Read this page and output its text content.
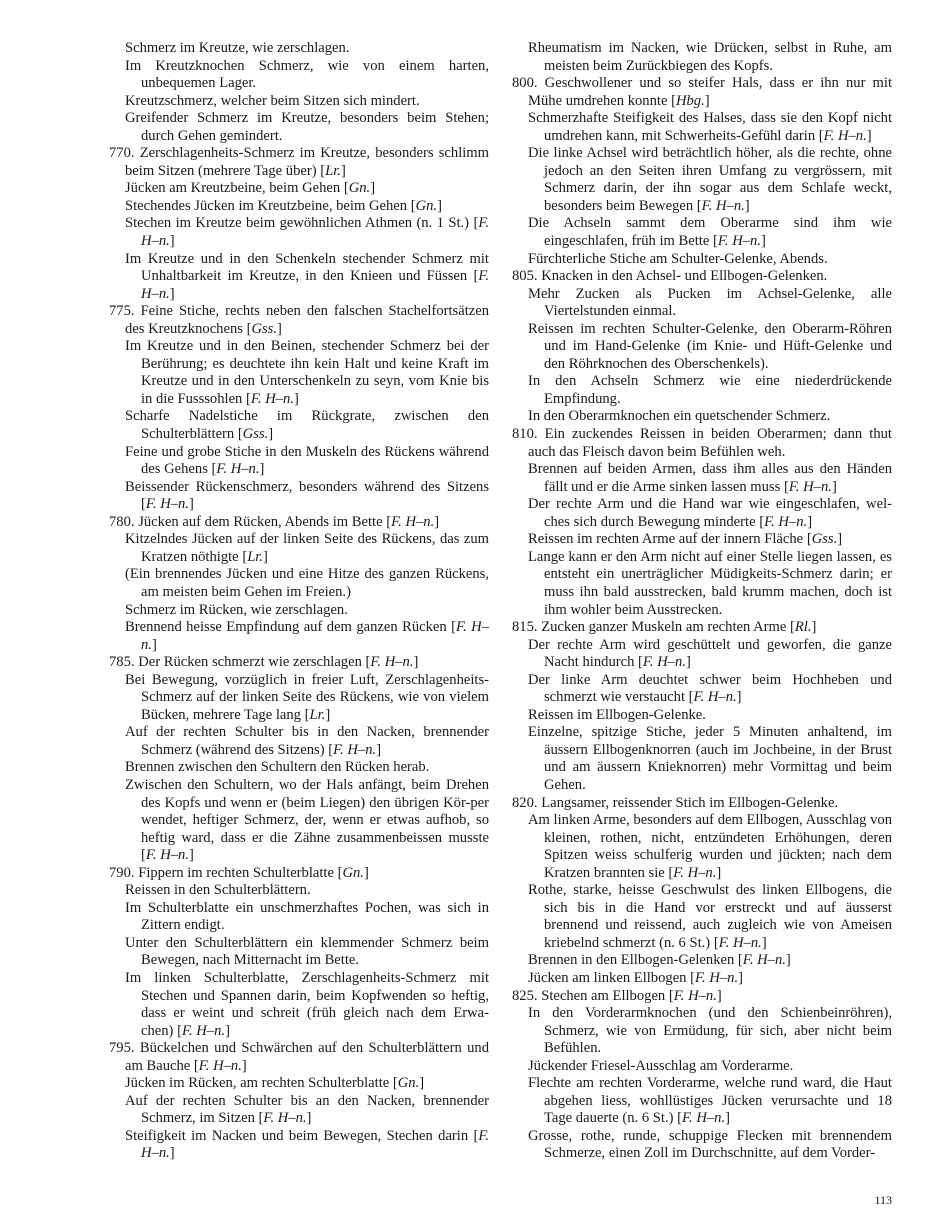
Schmerz im Kreutze, wie zerschlagen.

Im Kreutzknochen Schmerz, wie von einem harten, unbequemen Lager.

Kreutzschmerz, welcher beim Sitzen sich mindert.

Greifender Schmerz im Kreutze, besonders beim Stehen; durch Gehen gemindert.

770. Zerschlagenheits-Schmerz im Kreutze, besonders schlimm beim Sitzen (mehrere Tage über) [Lr.]

Jücken am Kreutzbeine, beim Gehen [Gn.]

Stechendes Jücken im Kreutzbeine, beim Gehen [Gn.]

Stechen im Kreutze beim gewöhnlichen Athmen (n. 1 St.) [F. H–n.]

Im Kreutze und in den Schenkeln stechender Schmerz mit Unhaltbarkeit im Kreutze, in den Knieen und Füssen [F. H–n.]

775. Feine Stiche, rechts neben den falschen Stachelfortsätzen des Kreutzknochens [Gss.]

Im Kreutze und in den Beinen, stechender Schmerz bei der Berührung; es deuchtete ihn kein Halt und keine Kraft im Kreutze und in den Unterschenkeln zu seyn, vom Knie bis in die Fusssohlen [F. H–n.]

Scharfe Nadelstiche im Rückgrate, zwischen den Schulterblättern [Gss.]

Feine und grobe Stiche in den Muskeln des Rückens während des Gehens [F. H–n.]

Beissender Rückenschmerz, besonders während des Sitzens [F. H–n.]

780. Jücken auf dem Rücken, Abends im Bette [F. H–n.]

Kitzelndes Jücken auf der linken Seite des Rückens, das zum Kratzen nöthigte [Lr.]

(Ein brennendes Jücken und eine Hitze des ganzen Rückens, am meisten beim Gehen im Freien.)

Schmerz im Rücken, wie zerschlagen.

Brennend heisse Empfindung auf dem ganzen Rücken [F. H–n.]

785. Der Rücken schmerzt wie zerschlagen [F. H–n.]

Bei Bewegung, vorzüglich in freier Luft, Zerschlagenheits-Schmerz auf der linken Seite des Rückens, wie von vielem Bücken, mehrere Tage lang [Lr.]

Auf der rechten Schulter bis in den Nacken, brennender Schmerz (während des Sitzens) [F. H–n.]

Brennen zwischen den Schultern den Rücken herab.

Zwischen den Schultern, wo der Hals anfängt, beim Drehen des Kopfs und wenn er (beim Liegen) den übrigen Kör-per wendet, heftiger Schmerz, der, wenn er etwas aufhob, so heftig ward, dass er die Zähne zusammenbeissen musste [F. H–n.]

790. Fippern im rechten Schulterblatte [Gn.]

Reissen in den Schulterblättern.

Im Schulterblatte ein unschmerzhaftes Pochen, was sich in Zittern endigt.

Unter den Schulterblättern ein klemmender Schmerz beim Bewegen, nach Mitternacht im Bette.

Im linken Schulterblatte, Zerschlagenheits-Schmerz mit Stechen und Spannen darin, beim Kopfwenden so heftig, dass er weint und schreit (früh gleich nach dem Erwa-chen) [F. H–n.]

795. Bückelchen und Schwärchen auf den Schulterblättern und am Bauche [F. H–n.]

Jücken im Rücken, am rechten Schulterblatte [Gn.]

Auf der rechten Schulter bis an den Nacken, brennender Schmerz, im Sitzen [F. H–n.]

Steifigkeit im Nacken und beim Bewegen, Stechen darin [F. H–n.]

Rheumatism im Nacken, wie Drücken, selbst in Ruhe, am meisten beim Zurückbiegen des Kopfs.

800. Geschwollener und so steifer Hals, dass er ihn nur mit Mühe umdrehen konnte [Hbg.]

Schmerzhafte Steifigkeit des Halses, dass sie den Kopf nicht umdrehen kann, mit Schwerheits-Gefühl darin [F. H–n.]

Die linke Achsel wird beträchtlich höher, als die rechte, ohne jedoch an den Seiten ihren Umfang zu vergrössern, mit Schmerz darin, der ihn sogar aus dem Schlafe weckt, besonders beim Bewegen [F. H–n.]

Die Achseln sammt dem Oberarme sind ihm wie eingeschlafen, früh im Bette [F. H–n.]

Fürchterliche Stiche am Schulter-Gelenke, Abends.

805. Knacken in den Achsel- und Ellbogen-Gelenken.

Mehr Zucken als Pucken im Achsel-Gelenke, alle Viertelstunden einmal.

Reissen im rechten Schulter-Gelenke, den Oberarm-Röhren und im Hand-Gelenke (im Knie- und Hüft-Gelenke und den Röhrknochen des Oberschenkels).

In den Achseln Schmerz wie eine niederdrückende Empfindung.

In den Oberarmknochen ein quetschender Schmerz.

810. Ein zuckendes Reissen in beiden Oberarmen; dann thut auch das Fleisch davon beim Befühlen weh.

Brennen auf beiden Armen, dass ihm alles aus den Händen fällt und er die Arme sinken lassen muss [F. H–n.]

Der rechte Arm und die Hand war wie eingeschlafen, wel-ches sich durch Bewegung minderte [F. H–n.]

Reissen im rechten Arme auf der innern Fläche [Gss.]

Lange kann er den Arm nicht auf einer Stelle liegen lassen, es entsteht ein unerträglicher Müdigkeits-Schmerz darin; er muss ihn bald ausstrecken, bald krumm machen, doch ist ihm wohler beim Ausstrecken.

815. Zucken ganzer Muskeln am rechten Arme [Rl.]

Der rechte Arm wird geschüttelt und geworfen, die ganze Nacht hindurch [F. H–n.]

Der linke Arm deuchtet schwer beim Hochheben und schmerzt wie verstaucht [F. H–n.]

Reissen im Ellbogen-Gelenke.

Einzelne, spitzige Stiche, jeder 5 Minuten anhaltend, im äussern Ellbogenknorren (auch im Jochbeine, in der Brust und am äussern Knieknorren) mehr Vormittag und beim Gehen.

820. Langsamer, reissender Stich im Ellbogen-Gelenke.

Am linken Arme, besonders auf dem Ellbogen, Ausschlag von kleinen, rothen, nicht, entzündeten Erhöhungen, deren Spitzen weiss schulferig wurden und jückten; nach dem Kratzen brannten sie [F. H–n.]

Rothe, starke, heisse Geschwulst des linken Ellbogens, die sich bis in die Hand vor erstreckt und auf äusserst brennend und reissend, auch zugleich wie von Ameisen kriebelnd schmerzt (n. 6 St.) [F. H–n.]

Brennen in den Ellbogen-Gelenken [F. H–n.]

Jücken am linken Ellbogen [F. H–n.]

825. Stechen am Ellbogen [F. H–n.]

In den Vorderarmknochen (und den Schienbeinröhren), Schmerz, wie von Ermüdung, für sich, aber nicht beim Befühlen.

Jückender Friesel-Ausschlag am Vorderarme.

Flechte am rechten Vorderarme, welche rund ward, die Haut abgehen liess, wohllüstiges Jücken verursachte und 18 Tage dauerte (n. 6 St.) [F. H–n.]

Grosse, rothe, runde, schuppige Flecken mit brennendem Schmerze, einen Zoll im Durchschnitte, auf dem Vorder-

113
